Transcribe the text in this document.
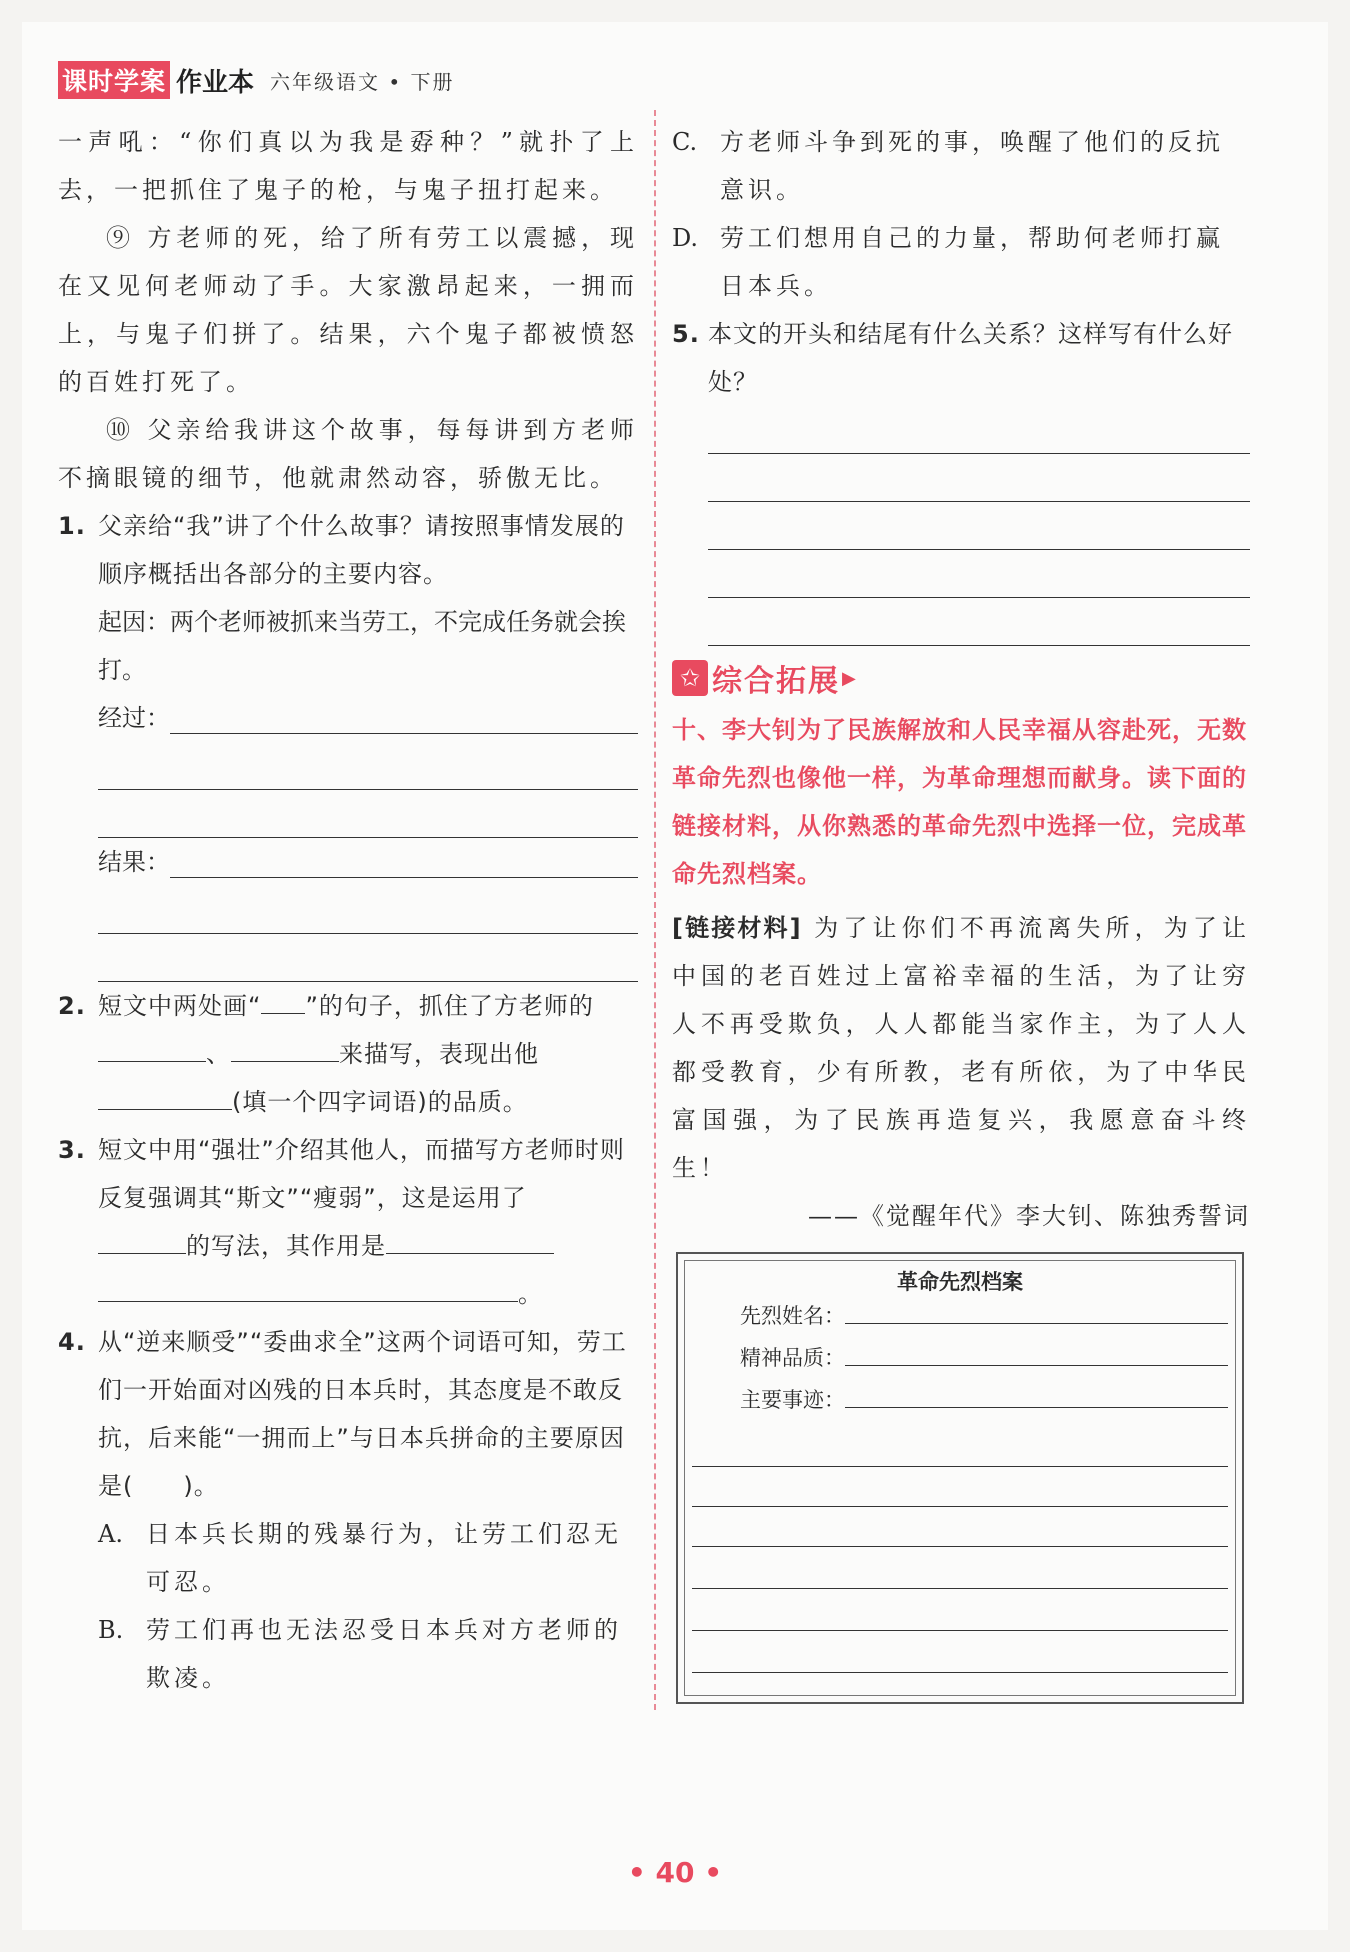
课时学案 作业本 六年级语文 • 下册

一声吼：“你们真以为我是孬种？”就扑了上去，一把抓住了鬼子的枪，与鬼子扭打起来。

⑨ 方老师的死，给了所有劳工以震撼，现在又见何老师动了手。大家激昂起来，一拥而上，与鬼子们拼了。结果，六个鬼子都被愤怒的百姓打死了。

⑩ 父亲给我讲这个故事，每每讲到方老师不摘眼镜的细节，他就肃然动容，骄傲无比。

1. 父亲给“我”讲了个什么故事？请按照事情发展的顺序概括出各部分的主要内容。

起因：两个老师被抓来当劳工，不完成任务就会挨打。

经过：
结果：

2. 短文中两处画“ ”的句子，抓住了方老师的、	来描写，表现出他
(填一个四字词语)的品质。

3. 短文中用“强壮”介绍其他人，而描写方老师时则反复强调其“斯文”“瘦弱”，这是运用了
的写法，其作用是
。

4. 从“逆来顺受”“委曲求全”这两个词语可知，劳工们一开始面对凶残的日本兵时，其态度是不敢反抗，后来能“一拥而上”与日本兵拼命的主要原因是(　　)。

A. 日本兵长期的残暴行为，让劳工们忍无可忍。

B. 劳工们再也无法忍受日本兵对方老师的欺凌。

C. 方老师斗争到死的事，唤醒了他们的反抗意识。

D. 劳工们想用自己的力量，帮助何老师打赢日本兵。

5. 本文的开头和结尾有什么关系？这样写有什么好处？

✩ 综合拓展 ▶

十、李大钊为了民族解放和人民幸福从容赴死，无数革命先烈也像他一样，为革命理想而献身。读下面的链接材料，从你熟悉的革命先烈中选择一位，完成革命先烈档案。

[链接材料] 为了让你们不再流离失所，为了让中国的老百姓过上富裕幸福的生活，为了让穷人不再受欺负，人人都能当家作主，为了人人都受教育，少有所教，老有所依，为了中华民富国强，为了民族再造复兴，我愿意奋斗终生！

——《觉醒年代》李大钊、陈独秀誓词

革命先烈档案
先烈姓名：
精神品质：
主要事迹：
• 40 •
